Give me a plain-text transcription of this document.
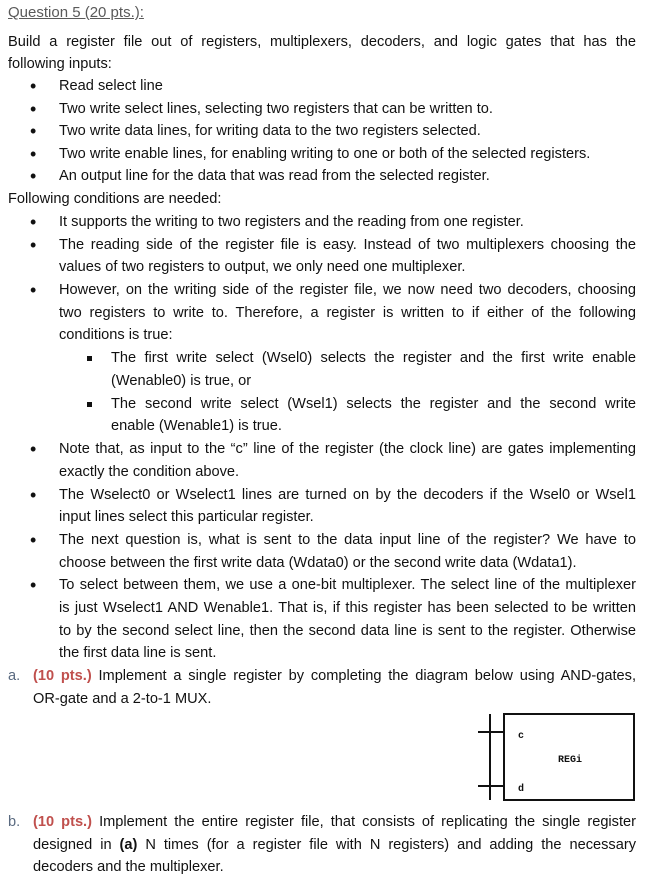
Question 5 (20 pts.):
Build a register file out of registers, multiplexers, decoders, and logic gates that has the
following inputs:
• Read select line
• Two write select lines, selecting two registers that can be written to.
• Two write data lines, for writing data to the two registers selected.
• Two write enable lines, for enabling writing to one or both of the selected registers.
• An output line for the data that was read from the selected register.
Following conditions are needed:
• It supports the writing to two registers and the reading from one register.
• The reading side of the register file is easy. Instead of two multiplexers choosing the
values of two registers to output, we only need one multiplexer.
• However, on the writing side of the register file, we now need two decoders, choosing
two registers to write to. Therefore, a register is written to if either of the following
conditions is true:
The first write select (Wsel0) selects the register and the first write enable
(Wenable0) is true, or
The second write select (Wsel1) selects the register and the second write
enable (Wenable1) is true.
• Note that, as input to the “c” line of the register (the clock line) are gates implementing
exactly the condition above.
• The Wselect0 or Wselect1 lines are turned on by the decoders if the Wsel0 or Wsel1
input lines select this particular register.
• The next question is, what is sent to the data input line of the register? We have to
choose between the first write data (Wdata0) or the second write data (Wdata1).
• To select between them, we use a one-bit multiplexer. The select line of the multiplexer
is just Wselect1 AND Wenable1. That is, if this register has been selected to be written
to by the second select line, then the second data line is sent to the register. Otherwise
the first data line is sent.
a. (10 pts.) Implement a single register by completing the diagram below using AND-gates,
OR-gate and a 2-to-1 MUX.
c
d
REGi
b. (10 pts.) Implement the entire register file, that consists of replicating the single register
designed in (a) N times (for a register file with N registers) and adding the necessary
decoders and the multiplexer.
